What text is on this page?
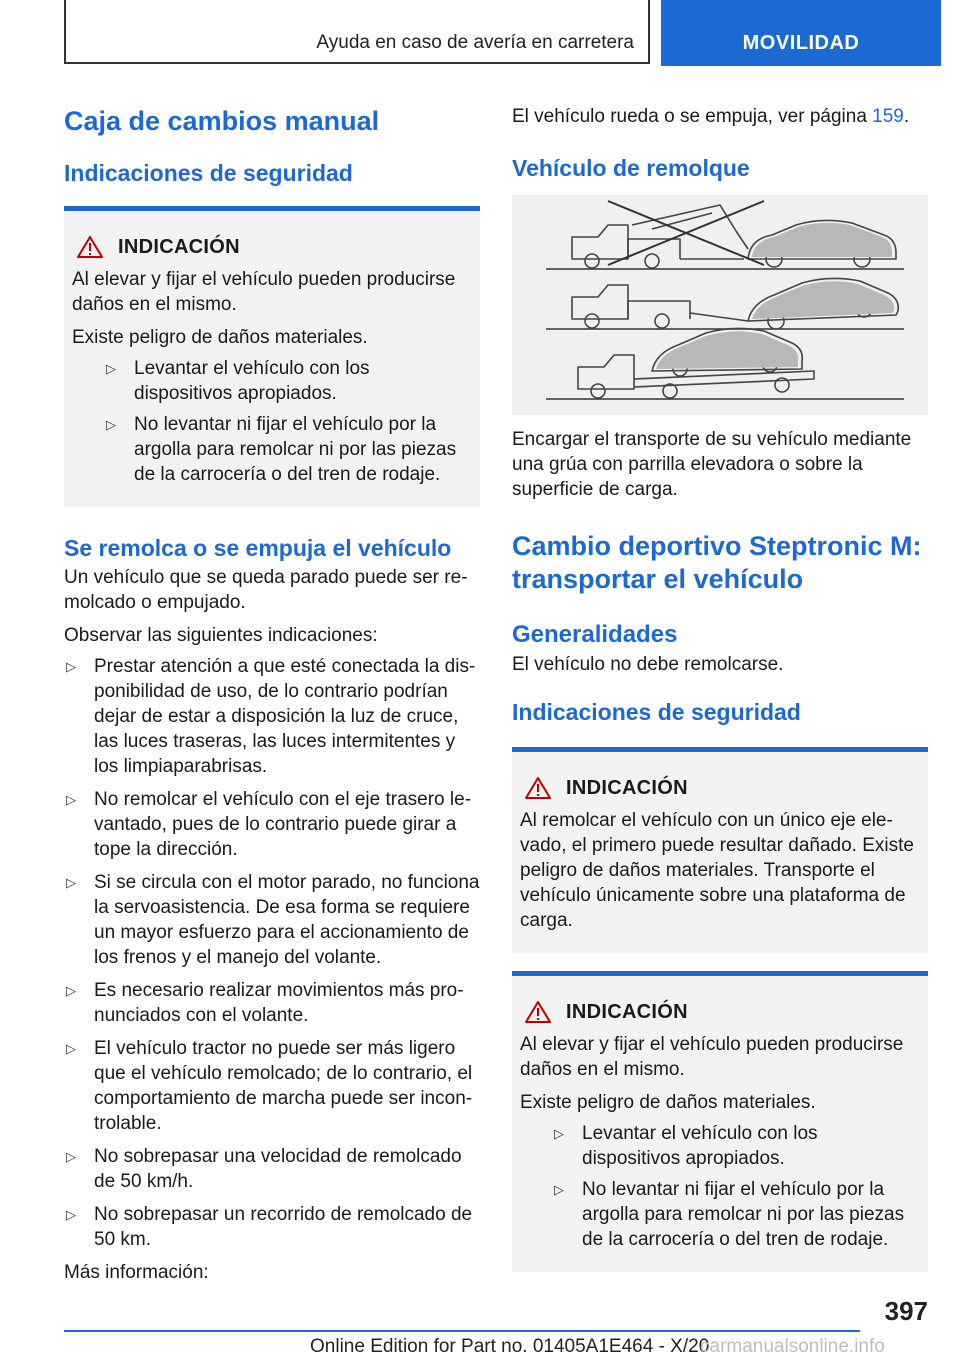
Ayuda en caso de avería en carretera	MOVILIDAD
Caja de cambios manual
Indicaciones de seguridad
INDICACIÓN
Al elevar y fijar el vehículo pueden producirse daños en el mismo.
Existe peligro de daños materiales.
▷ Levantar el vehículo con los dispositivos apropiados.
▷ No levantar ni fijar el vehículo por la argolla para remolcar ni por las piezas de la carrocería o del tren de rodaje.
Se remolca o se empuja el vehículo
Un vehículo que se queda parado puede ser remolcado o empujado.
Observar las siguientes indicaciones:
▷ Prestar atención a que esté conectada la disponibilidad de uso, de lo contrario podrían dejar de estar a disposición la luz de cruce, las luces traseras, las luces intermitentes y los limpiaparabrisas.
▷ No remolcar el vehículo con el eje trasero levantado, pues de lo contrario puede girar a tope la dirección.
▷ Si se circula con el motor parado, no funciona la servoasistencia. De esa forma se requiere un mayor esfuerzo para el accionamiento de los frenos y el manejo del volante.
▷ Es necesario realizar movimientos más pronunciados con el volante.
▷ El vehículo tractor no puede ser más ligero que el vehículo remolcado; de lo contrario, el comportamiento de marcha puede ser incontrolable.
▷ No sobrepasar una velocidad de remolcado de 50 km/h.
▷ No sobrepasar un recorrido de remolcado de 50 km.
Más información:
El vehículo rueda o se empuja, ver página 159.
Vehículo de remolque
Encargar el transporte de su vehículo mediante una grúa con parrilla elevadora o sobre la superficie de carga.
Cambio deportivo Steptronic M: transportar el vehículo
Generalidades
El vehículo no debe remolcarse.
Indicaciones de seguridad
INDICACIÓN
Al remolcar el vehículo con un único eje elevado, el primero puede resultar dañado. Existe peligro de daños materiales. Transporte el vehículo únicamente sobre una plataforma de carga.
INDICACIÓN
Al elevar y fijar el vehículo pueden producirse daños en el mismo.
Existe peligro de daños materiales.
▷ Levantar el vehículo con los dispositivos apropiados.
▷ No levantar ni fijar el vehículo por la argolla para remolcar ni por las piezas de la carrocería o del tren de rodaje.
397
Online Edition for Part no. 01405A1E464 - X/20
carmanualsonline.info
